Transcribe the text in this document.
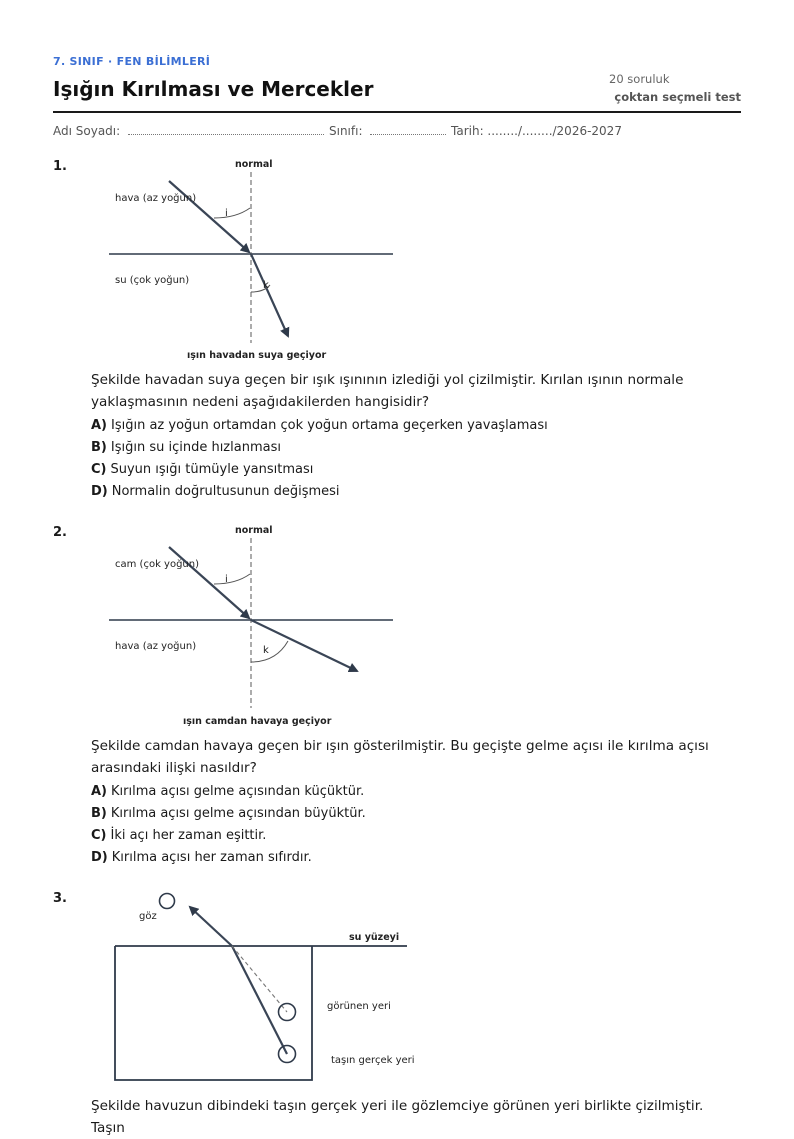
7. SINIF · FEN BİLİMLERİ
Işığın Kırılması ve Mercekler	20 soruluk
çoktan seçmeli test
Adı Soyadı:	Sınıfı:	Tarih: ......../......../2026-2027
1.	normal
i
k
hava (az yoğun)
su (çok yoğun)
ışın havadan suya geçiyor
Şekilde havadan suya geçen bir ışık ışınının izlediği yol çizilmiştir. Kırılan ışının normale yaklaşmasının nedeni aşağıdakilerden hangisidir?
A) Işığın az yoğun ortamdan çok yoğun ortama geçerken yavaşlaması
B) Işığın su içinde hızlanması
C) Suyun ışığı tümüyle yansıtması
D) Normalin doğrultusunun değişmesi
2.	normal
i
k
cam (çok yoğun)
hava (az yoğun)
ışın camdan havaya geçiyor
Şekilde camdan havaya geçen bir ışın gösterilmiştir. Bu geçişte gelme açısı ile kırılma açısı arasındaki ilişki nasıldır?
A) Kırılma açısı gelme açısından küçüktür.
B) Kırılma açısı gelme açısından büyüktür.
C) İki açı her zaman eşittir.
D) Kırılma açısı her zaman sıfırdır.
3.
göz
su yüzeyi
görünen yeri
taşın gerçek yeri
Şekilde havuzun dibindeki taşın gerçek yeri ile gözlemciye görünen yeri birlikte çizilmiştir. Taşın
